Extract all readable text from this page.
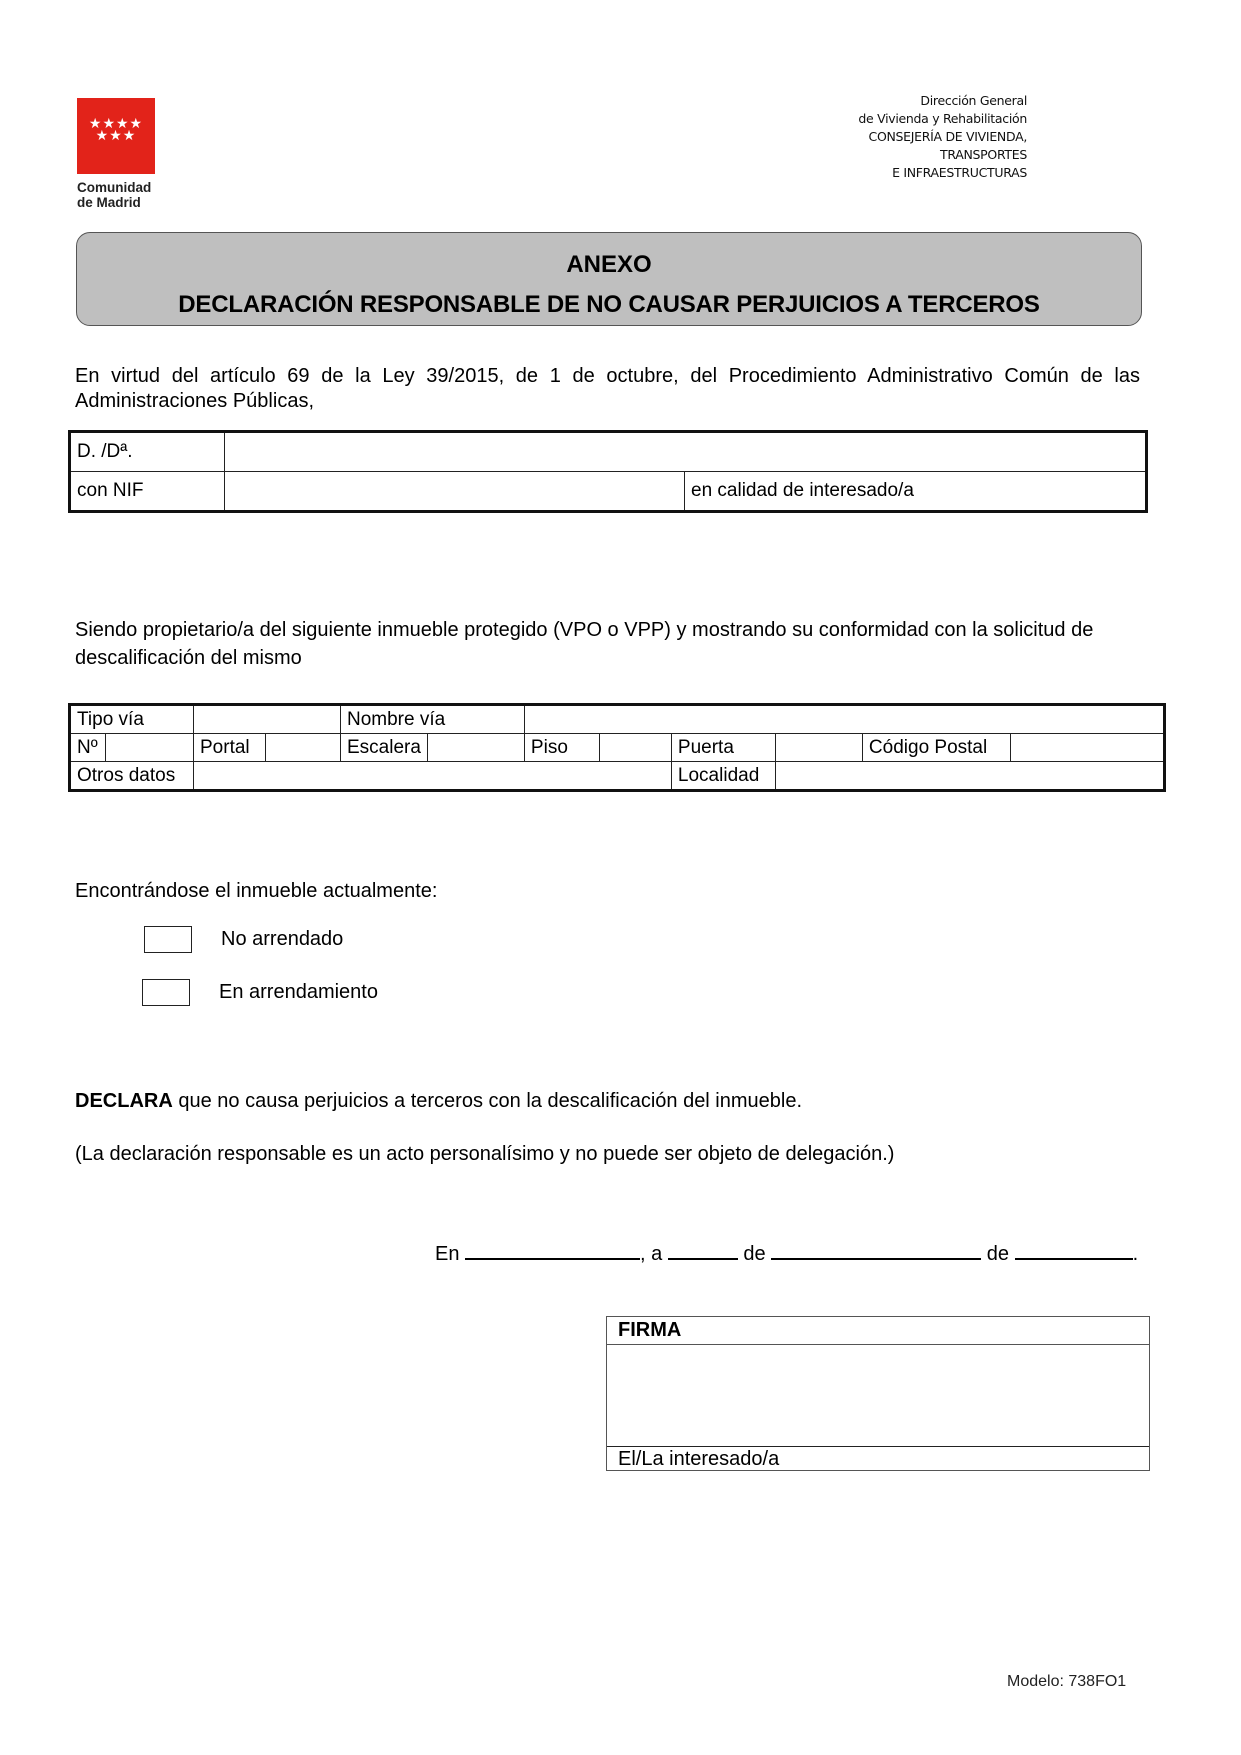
★★★★
★★★
Comunidad
de Madrid
Dirección General
de Vivienda y Rehabilitación
CONSEJERÍA DE VIVIENDA,
TRANSPORTES
E INFRAESTRUCTURAS
ANEXO
DECLARACIÓN RESPONSABLE DE NO CAUSAR PERJUICIOS A TERCEROS
En virtud del artículo 69 de la Ley 39/2015, de 1 de octubre, del Procedimiento Administrativo Común de las Administraciones Públicas,
D. /Dª.		
con NIF		en calidad de interesado/a
Siendo propietario/a del siguiente inmueble protegido (VPO o VPP) y mostrando su conformidad con la solicitud de descalificación del mismo
Tipo vía				Nombre vía							
Nº		Portal		Escalera		Piso		Puerta		Código Postal	
Otros datos								Localidad			
Encontrándose el inmueble actualmente:
No arrendado
En arrendamiento
DECLARA que no causa perjuicios a terceros con la descalificación del inmueble.
(La declaración responsable es un acto personalísimo y no puede ser objeto de delegación.)
En	, a	de	de	.
FIRMA
El/La interesado/a
Modelo: 738FO1
